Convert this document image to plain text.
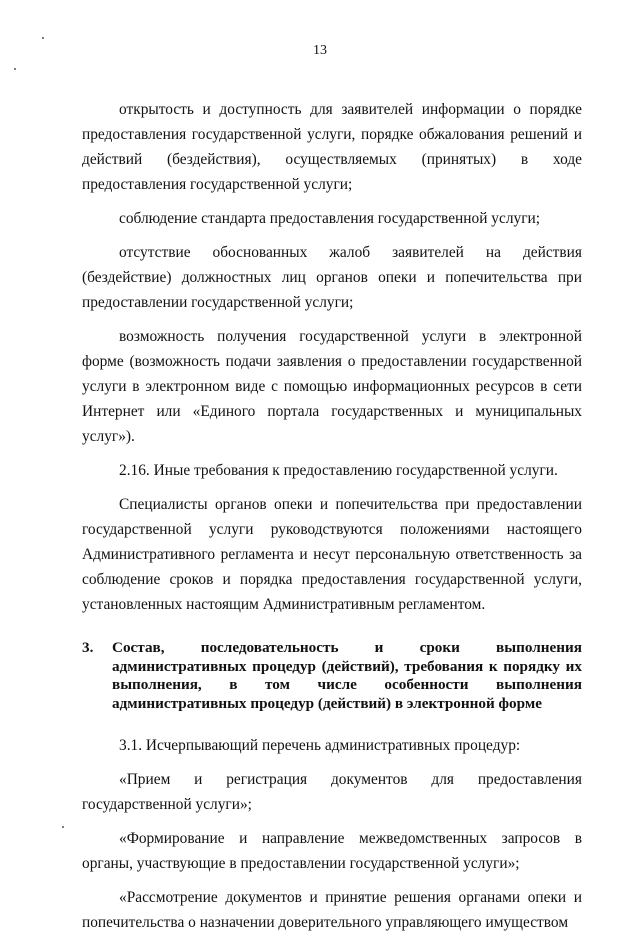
13

открытость и доступность для заявителей информации о порядке предоставления государственной услуги, порядке обжалования решений и действий (бездействия), осуществляемых (принятых) в ходе предоставления государственной услуги;

соблюдение стандарта предоставления государственной услуги;

отсутствие обоснованных жалоб заявителей на действия (бездействие) должностных лиц органов опеки и попечительства при предоставлении государственной услуги;

возможность получения государственной услуги в электронной форме (возможность подачи заявления о предоставлении государственной услуги в электронном виде с помощью информационных ресурсов в сети Интернет или «Единого портала государственных и муниципальных услуг»).

2.16. Иные требования к предоставлению государственной услуги.

Специалисты органов опеки и попечительства при предоставлении государственной услуги руководствуются положениями настоящего Административного регламента и несут персональную ответственность за соблюдение сроков и порядка предоставления государственной услуги, установленных настоящим Административным регламентом.

3. Состав, последовательность и сроки выполнения административных процедур (действий), требования к порядку их выполнения, в том числе особенности выполнения административных процедур (действий) в электронной форме

3.1. Исчерпывающий перечень административных процедур:

«Прием и регистрация документов для предоставления государственной услуги»;

«Формирование и направление межведомственных запросов в органы, участвующие в предоставлении государственной услуги»;

«Рассмотрение документов и принятие решения органами опеки и попечительства о назначении доверительного управляющего имуществом
